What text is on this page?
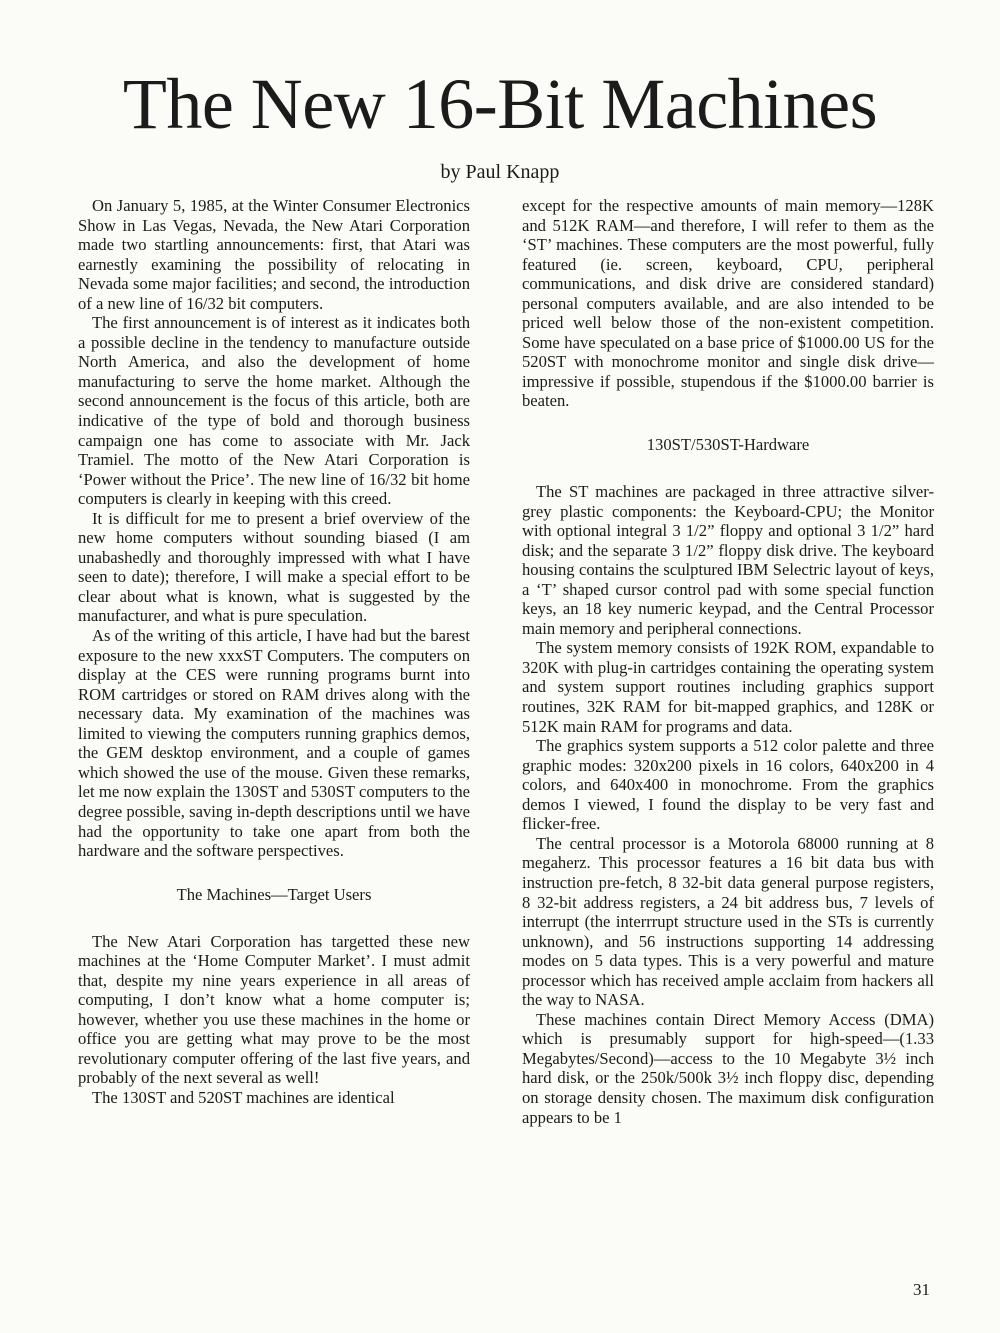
The New 16-Bit Machines
by Paul Knapp

On January 5, 1985, at the Winter Consumer Electronics Show in Las Vegas, Nevada, the New Atari Corporation made two startling announcements: first, that Atari was earnestly examining the possibility of relocating in Nevada some major facilities; and second, the introduction of a new line of 16/32 bit computers.

The first announcement is of interest as it indicates both a possible decline in the tendency to manufacture outside North America, and also the development of home manufacturing to serve the home market. Although the second announcement is the focus of this article, both are indicative of the type of bold and thorough business campaign one has come to associate with Mr. Jack Tramiel. The motto of the New Atari Corporation is ‘Power without the Price’. The new line of 16/32 bit home computers is clearly in keeping with this creed.

It is difficult for me to present a brief overview of the new home computers without sounding biased (I am unabashedly and thoroughly impressed with what I have seen to date); therefore, I will make a special effort to be clear about what is known, what is suggested by the manufacturer, and what is pure speculation.

As of the writing of this article, I have had but the barest exposure to the new xxxST Computers. The computers on display at the CES were running programs burnt into ROM cartridges or stored on RAM drives along with the necessary data. My examination of the machines was limited to viewing the computers running graphics demos, the GEM desktop environment, and a couple of games which showed the use of the mouse. Given these remarks, let me now explain the 130ST and 530ST computers to the degree possible, saving in-depth descriptions until we have had the opportunity to take one apart from both the hardware and the software perspectives.

The Machines—Target Users

The New Atari Corporation has targetted these new machines at the ‘Home Computer Market’. I must admit that, despite my nine years experience in all areas of computing, I don’t know what a home computer is; however, whether you use these machines in the home or office you are getting what may prove to be the most revolutionary computer offering of the last five years, and probably of the next several as well!

The 130ST and 520ST machines are identical

except for the respective amounts of main memory—128K and 512K RAM—and therefore, I will refer to them as the ‘ST’ machines. These computers are the most powerful, fully featured (ie. screen, keyboard, CPU, peripheral communications, and disk drive are considered standard) personal computers available, and are also intended to be priced well below those of the non-existent competition. Some have speculated on a base price of $1000.00 US for the 520ST with monochrome monitor and single disk drive—impressive if possible, stupendous if the $1000.00 barrier is beaten.

130ST/530ST-Hardware

The ST machines are packaged in three attractive silver-grey plastic components: the Keyboard-CPU; the Monitor with optional integral 3 1/2” floppy and optional 3 1/2” hard disk; and the separate 3 1/2” floppy disk drive. The keyboard housing contains the sculptured IBM Selectric layout of keys, a ‘T’ shaped cursor control pad with some special function keys, an 18 key numeric keypad, and the Central Processor main memory and peripheral connections.

The system memory consists of 192K ROM, expandable to 320K with plug-in cartridges containing the operating system and system support routines including graphics support routines, 32K RAM for bit-mapped graphics, and 128K or 512K main RAM for programs and data.

The graphics system supports a 512 color palette and three graphic modes: 320x200 pixels in 16 colors, 640x200 in 4 colors, and 640x400 in monochrome. From the graphics demos I viewed, I found the display to be very fast and flicker-free.

The central processor is a Motorola 68000 running at 8 megaherz. This processor features a 16 bit data bus with instruction pre-fetch, 8 32-bit data general purpose registers, 8 32-bit address registers, a 24 bit address bus, 7 levels of interrupt (the interrrupt structure used in the STs is currently unknown), and 56 instructions supporting 14 addressing modes on 5 data types. This is a very powerful and mature processor which has received ample acclaim from hackers all the way to NASA.

These machines contain Direct Memory Access (DMA) which is presumably support for high-speed—(1.33 Megabytes/Second)—access to the 10 Megabyte 3½ inch hard disk, or the 250k/500k 3½ inch floppy disc, depending on storage density chosen. The maximum disk configuration appears to be 1

31
